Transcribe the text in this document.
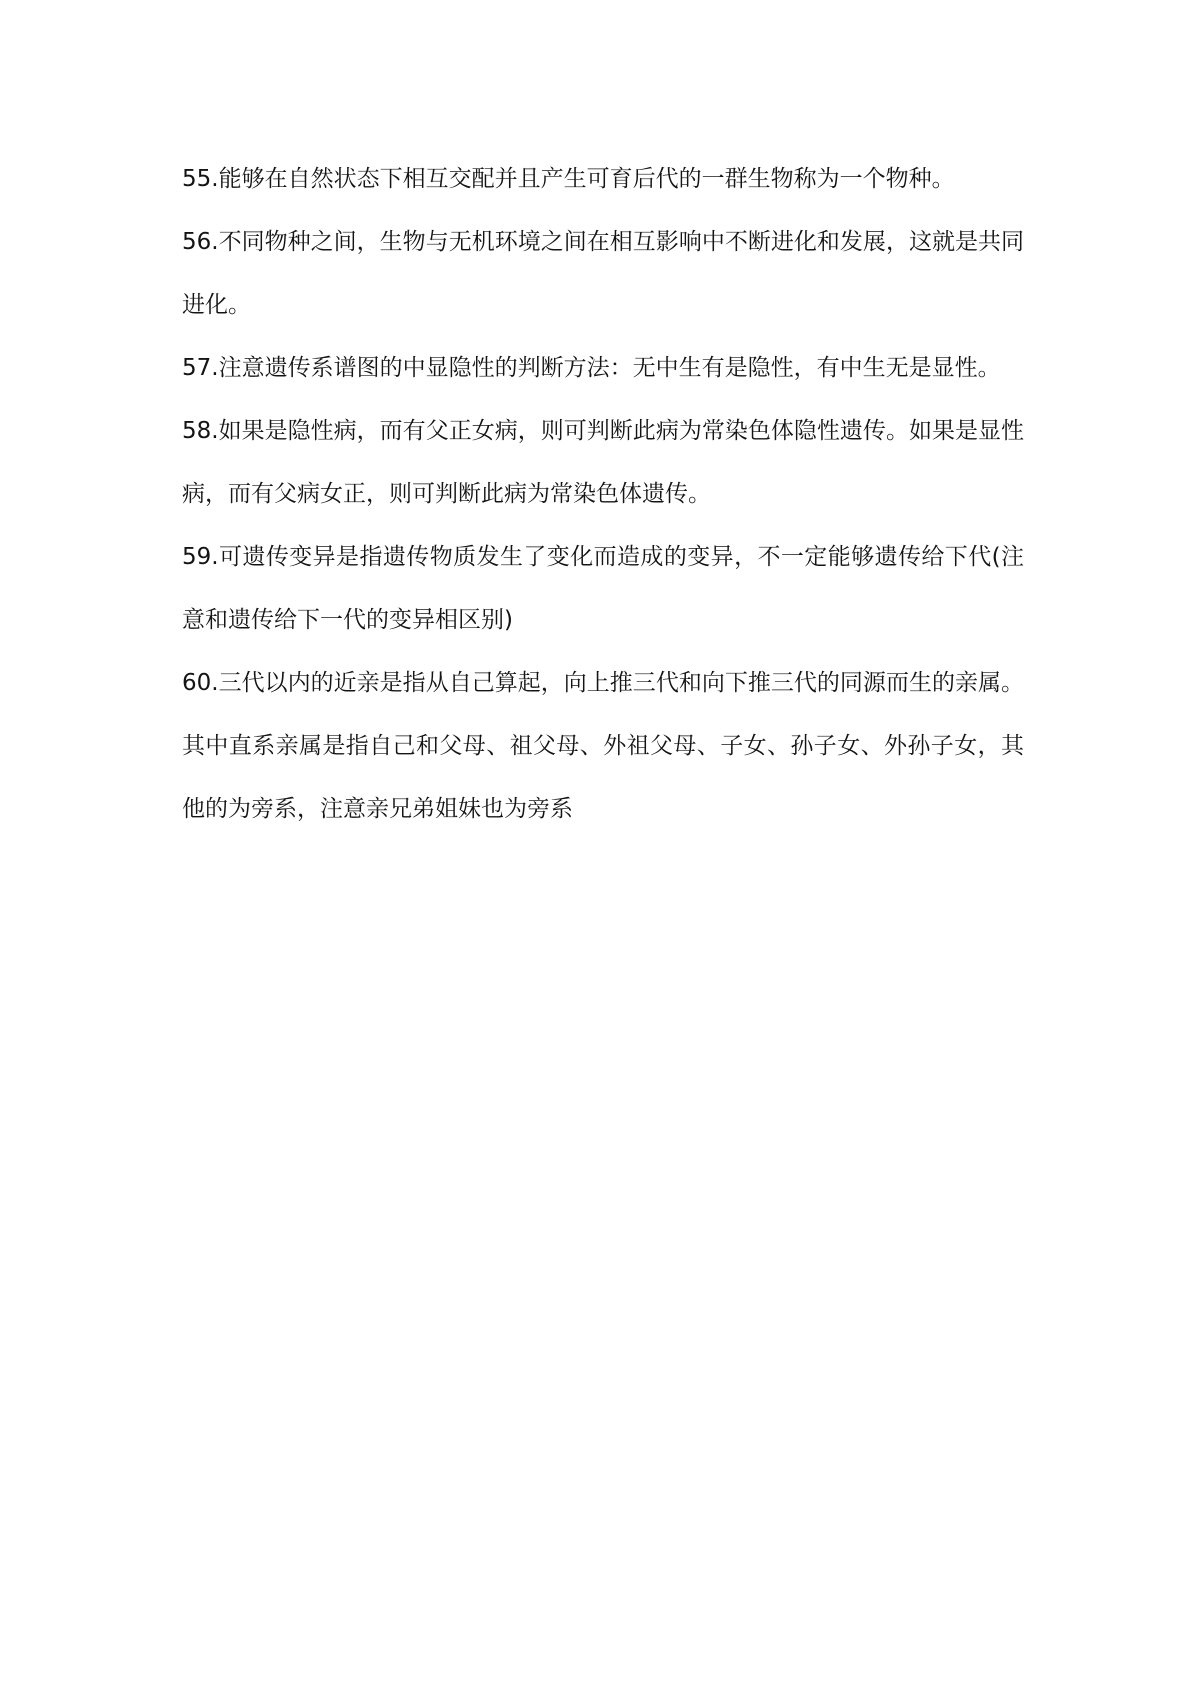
55.能够在自然状态下相互交配并且产生可育后代的一群生物称为一个物种。

56.不同物种之间，生物与无机环境之间在相互影响中不断进化和发展，这就是共同进化。

57.注意遗传系谱图的中显隐性的判断方法：无中生有是隐性，有中生无是显性。

58.如果是隐性病，而有父正女病，则可判断此病为常染色体隐性遗传。如果是显性病，而有父病女正，则可判断此病为常染色体遗传。

59.可遗传变异是指遗传物质发生了变化而造成的变异，不一定能够遗传给下代(注意和遗传给下一代的变异相区别)

60.三代以内的近亲是指从自己算起，向上推三代和向下推三代的同源而生的亲属。其中直系亲属是指自己和父母、祖父母、外祖父母、子女、孙子女、外孙子女，其他的为旁系，注意亲兄弟姐妹也为旁系
